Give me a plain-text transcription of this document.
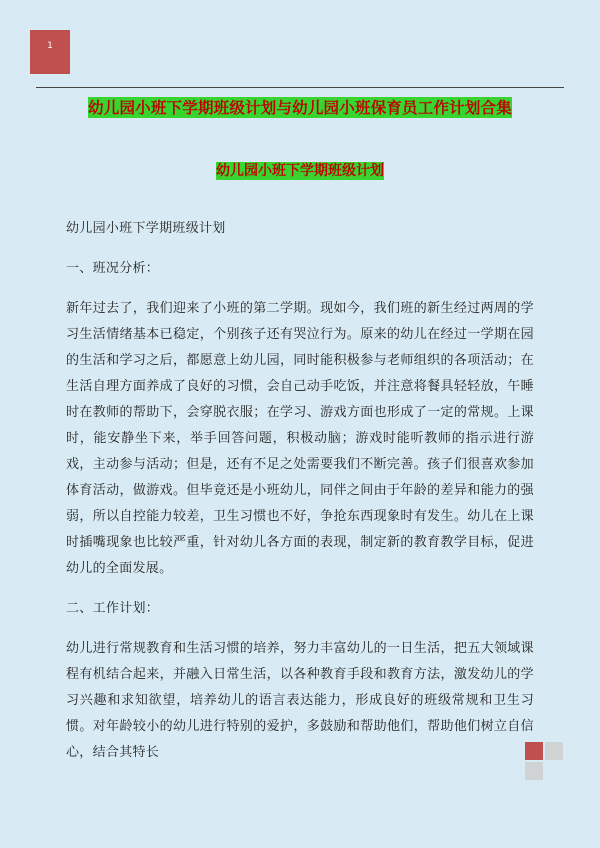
1
幼儿园小班下学期班级计划与幼儿园小班保育员工作计划合集
幼儿园小班下学期班级计划

幼儿园小班下学期班级计划

一、班况分析：

新年过去了，我们迎来了小班的第二学期。现如今，我们班的新生经过两周的学习生活情绪基本已稳定，个别孩子还有哭泣行为。原来的幼儿在经过一学期在园的生活和学习之后，都愿意上幼儿园，同时能积极参与老师组织的各项活动；在生活自理方面养成了良好的习惯，会自己动手吃饭，并注意将餐具轻轻放，午睡时在教师的帮助下，会穿脱衣服；在学习、游戏方面也形成了一定的常规。上课时，能安静坐下来，举手回答问题，积极动脑；游戏时能听教师的指示进行游戏，主动参与活动；但是，还有不足之处需要我们不断完善。孩子们很喜欢参加体育活动，做游戏。但毕竟还是小班幼儿，同伴之间由于年龄的差异和能力的强弱，所以自控能力较差，卫生习惯也不好，争抢东西现象时有发生。幼儿在上课时插嘴现象也比较严重，针对幼儿各方面的表现，制定新的教育教学目标，促进幼儿的全面发展。

二、工作计划：

幼儿进行常规教育和生活习惯的培养，努力丰富幼儿的一日生活，把五大领域课程有机结合起来，并融入日常生活，以各种教育手段和教育方法，激发幼儿的学习兴趣和求知欲望，培养幼儿的语言表达能力，形成良好的班级常规和卫生习惯。对年龄较小的幼儿进行特别的爱护，多鼓励和帮助他们，帮助他们树立自信心，结合其特长
